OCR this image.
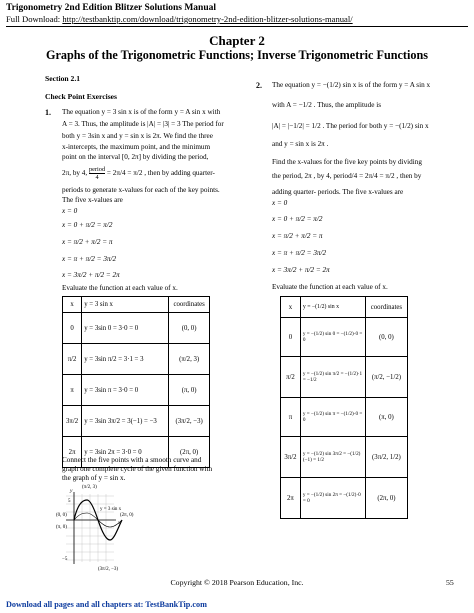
Trigonometry 2nd Edition Blitzer Solutions Manual
Full Download: http://testbanktip.com/download/trigonometry-2nd-edition-blitzer-solutions-manual/
Chapter 2
Graphs of the Trigonometric Functions; Inverse Trigonometric Functions
Section 2.1
Check Point Exercises
1. The equation y = 3 sin x is of the form y = A sin x with
A = 3. Thus, the amplitude is |A| = |3| = 3 The period for
both y = 3sin x and y = sin x is 2π. We find the three
x-intercepts, the maximum point, and the minimum
point on the interval [0, 2π] by dividing the period,
2π, by 4, $\frac{\text{period}}{4} = 2\pi/4 = \pi/2$ , then by adding quarter-
periods to generate x-values for each of the key points.
The five x-values are
x = 0
x = 0 + π/2 = π/2
x = π/2 + π/2 = π
x = π + π/2 = 3π/2
x = 3π/2 + π/2 = 2π
Evaluate the function at each value of x.
x	y = 3 sin x	coordinates
0	y = 3sin 0 = 3·0 = 0	(0, 0)
π/2	y = 3sin π/2 = 3·1 = 3	(π/2, 3)
π	y = 3sin π = 3·0 = 0	(π, 0)
3π/2	y = 3sin 3π/2 = 3(−1) = −3	(3π/2, −3)
2π	y = 3sin 2π = 3·0 = 0	(2π, 0)
Connect the five points with a smooth curve and
graph one complete cycle of the given function with
the graph of y = sin x.
y
5
−5
(π/2, 3)
y = 3 sin x
(0, 0)	(2π, 0)
(π, 0)
(3π/2, −3)
x
2. The equation y = −(1/2) sin x is of the form y = A sin x
with A = −1/2 . Thus, the amplitude is
|A| = |−1/2| = 1/2 . The period for both y = −(1/2) sin x
and y = sin x is 2π .
Find the x-values for the five key points by dividing
the period, 2π , by 4, period/4 = 2π/4 = π/2 , then by
adding quarter- periods. The five x-values are
x = 0
x = 0 + π/2 = π/2
x = π/2 + π/2 = π
x = π + π/2 = 3π/2
x = 3π/2 + π/2 = 2π
Evaluate the function at each value of x.
x	y = −(1/2) sin x	coordinates
0	y = −(1/2) sin 0 = −(1/2)·0 = 0	(0, 0)
π/2	y = −(1/2) sin π/2 = −(1/2)·1 = −1/2	(π/2, −1/2)
π	y = −(1/2) sin π = −(1/2)·0 = 0	(π, 0)
3π/2	y = −(1/2) sin 3π/2 = −(1/2)(−1) = 1/2	(3π/2, 1/2)
2π	y = −(1/2) sin 2π = −(1/2)·0 = 0	(2π, 0)
Copyright © 2018 Pearson Education, Inc.	55
Download all pages and all chapters at: TestBankTip.com
